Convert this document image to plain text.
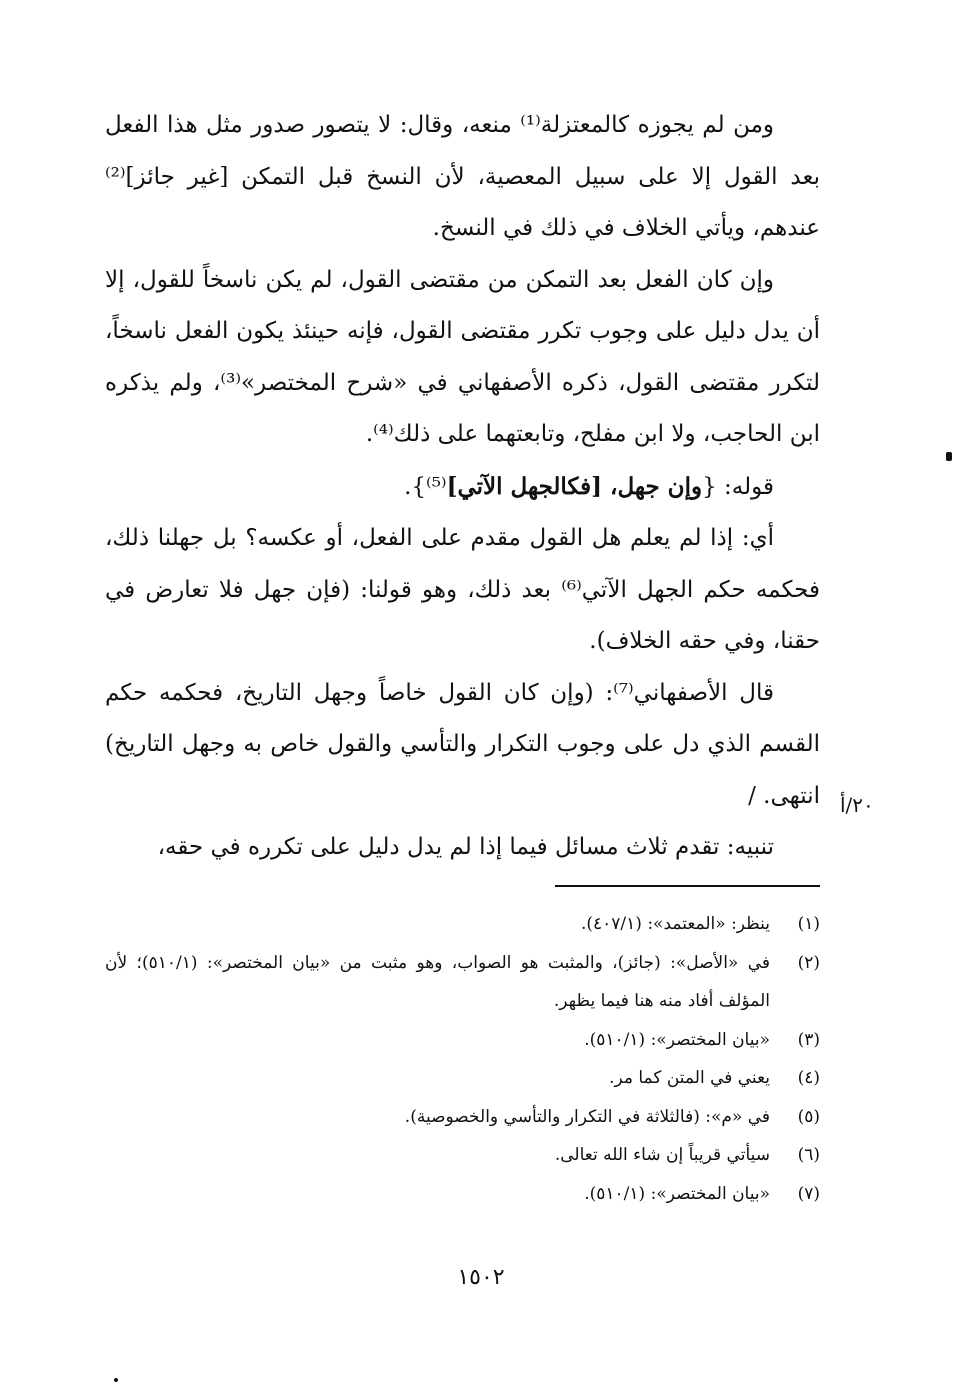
ومن لم يجوزه كالمعتزلة⁽¹⁾ منعه، وقال: لا يتصور صدور مثل هذا الفعل بعد القول إلا على سبيل المعصية، لأن النسخ قبل التمكن [غير جائز]⁽²⁾ عندهم، ويأتي الخلاف في ذلك في النسخ.

وإن كان الفعل بعد التمكن من مقتضى القول، لم يكن ناسخاً للقول، إلا أن يدل دليل على وجوب تكرر مقتضى القول، فإنه حينئذ يكون الفعل ناسخاً، لتكرر مقتضى القول، ذكره الأصفهاني في «شرح المختصر»⁽³⁾، ولم يذكره ابن الحاجب، ولا ابن مفلح، وتابعتهما على ذلك⁽⁴⁾.

قوله: {وإن جهل، [فكالجهل الآتي]⁽⁵⁾}.

أي: إذا لم يعلم هل القول مقدم على الفعل، أو عكسه؟ بل جهلنا ذلك، فحكمه حكم الجهل الآتي⁽⁶⁾ بعد ذلك، وهو قولنا: (فإن جهل فلا تعارض في حقنا، وفي حقه الخلاف).

قال الأصفهاني⁽⁷⁾: (وإن كان القول خاصاً وجهل التاريخ، فحكمه حكم القسم الذي دل على وجوب التكرار والتأسي والقول خاص به وجهل التاريخ) انتهى. /

تنبيه: تقدم ثلاث مسائل فيما إذا لم يدل دليل على تكرره في حقه،

٢٠/أ
(١)
ينظر: «المعتمد»: (٤٠٧/١).
(٢)
في «الأصل»: (جائز)، والمثبت هو الصواب، وهو مثبت من «بيان المختصر»: (٥١٠/١)؛ لأن المؤلف أفاد منه هنا فيما يظهر.
(٣)
«بيان المختصر»: (٥١٠/١).
(٤)
يعني في المتن كما مر.
(٥)
في «م»: (فالثلاثة في التكرار والتأسي والخصوصية).
(٦)
سيأتي قريباً إن شاء الله تعالى.
(٧)
«بيان المختصر»: (٥١٠/١).
١٥٠٢
